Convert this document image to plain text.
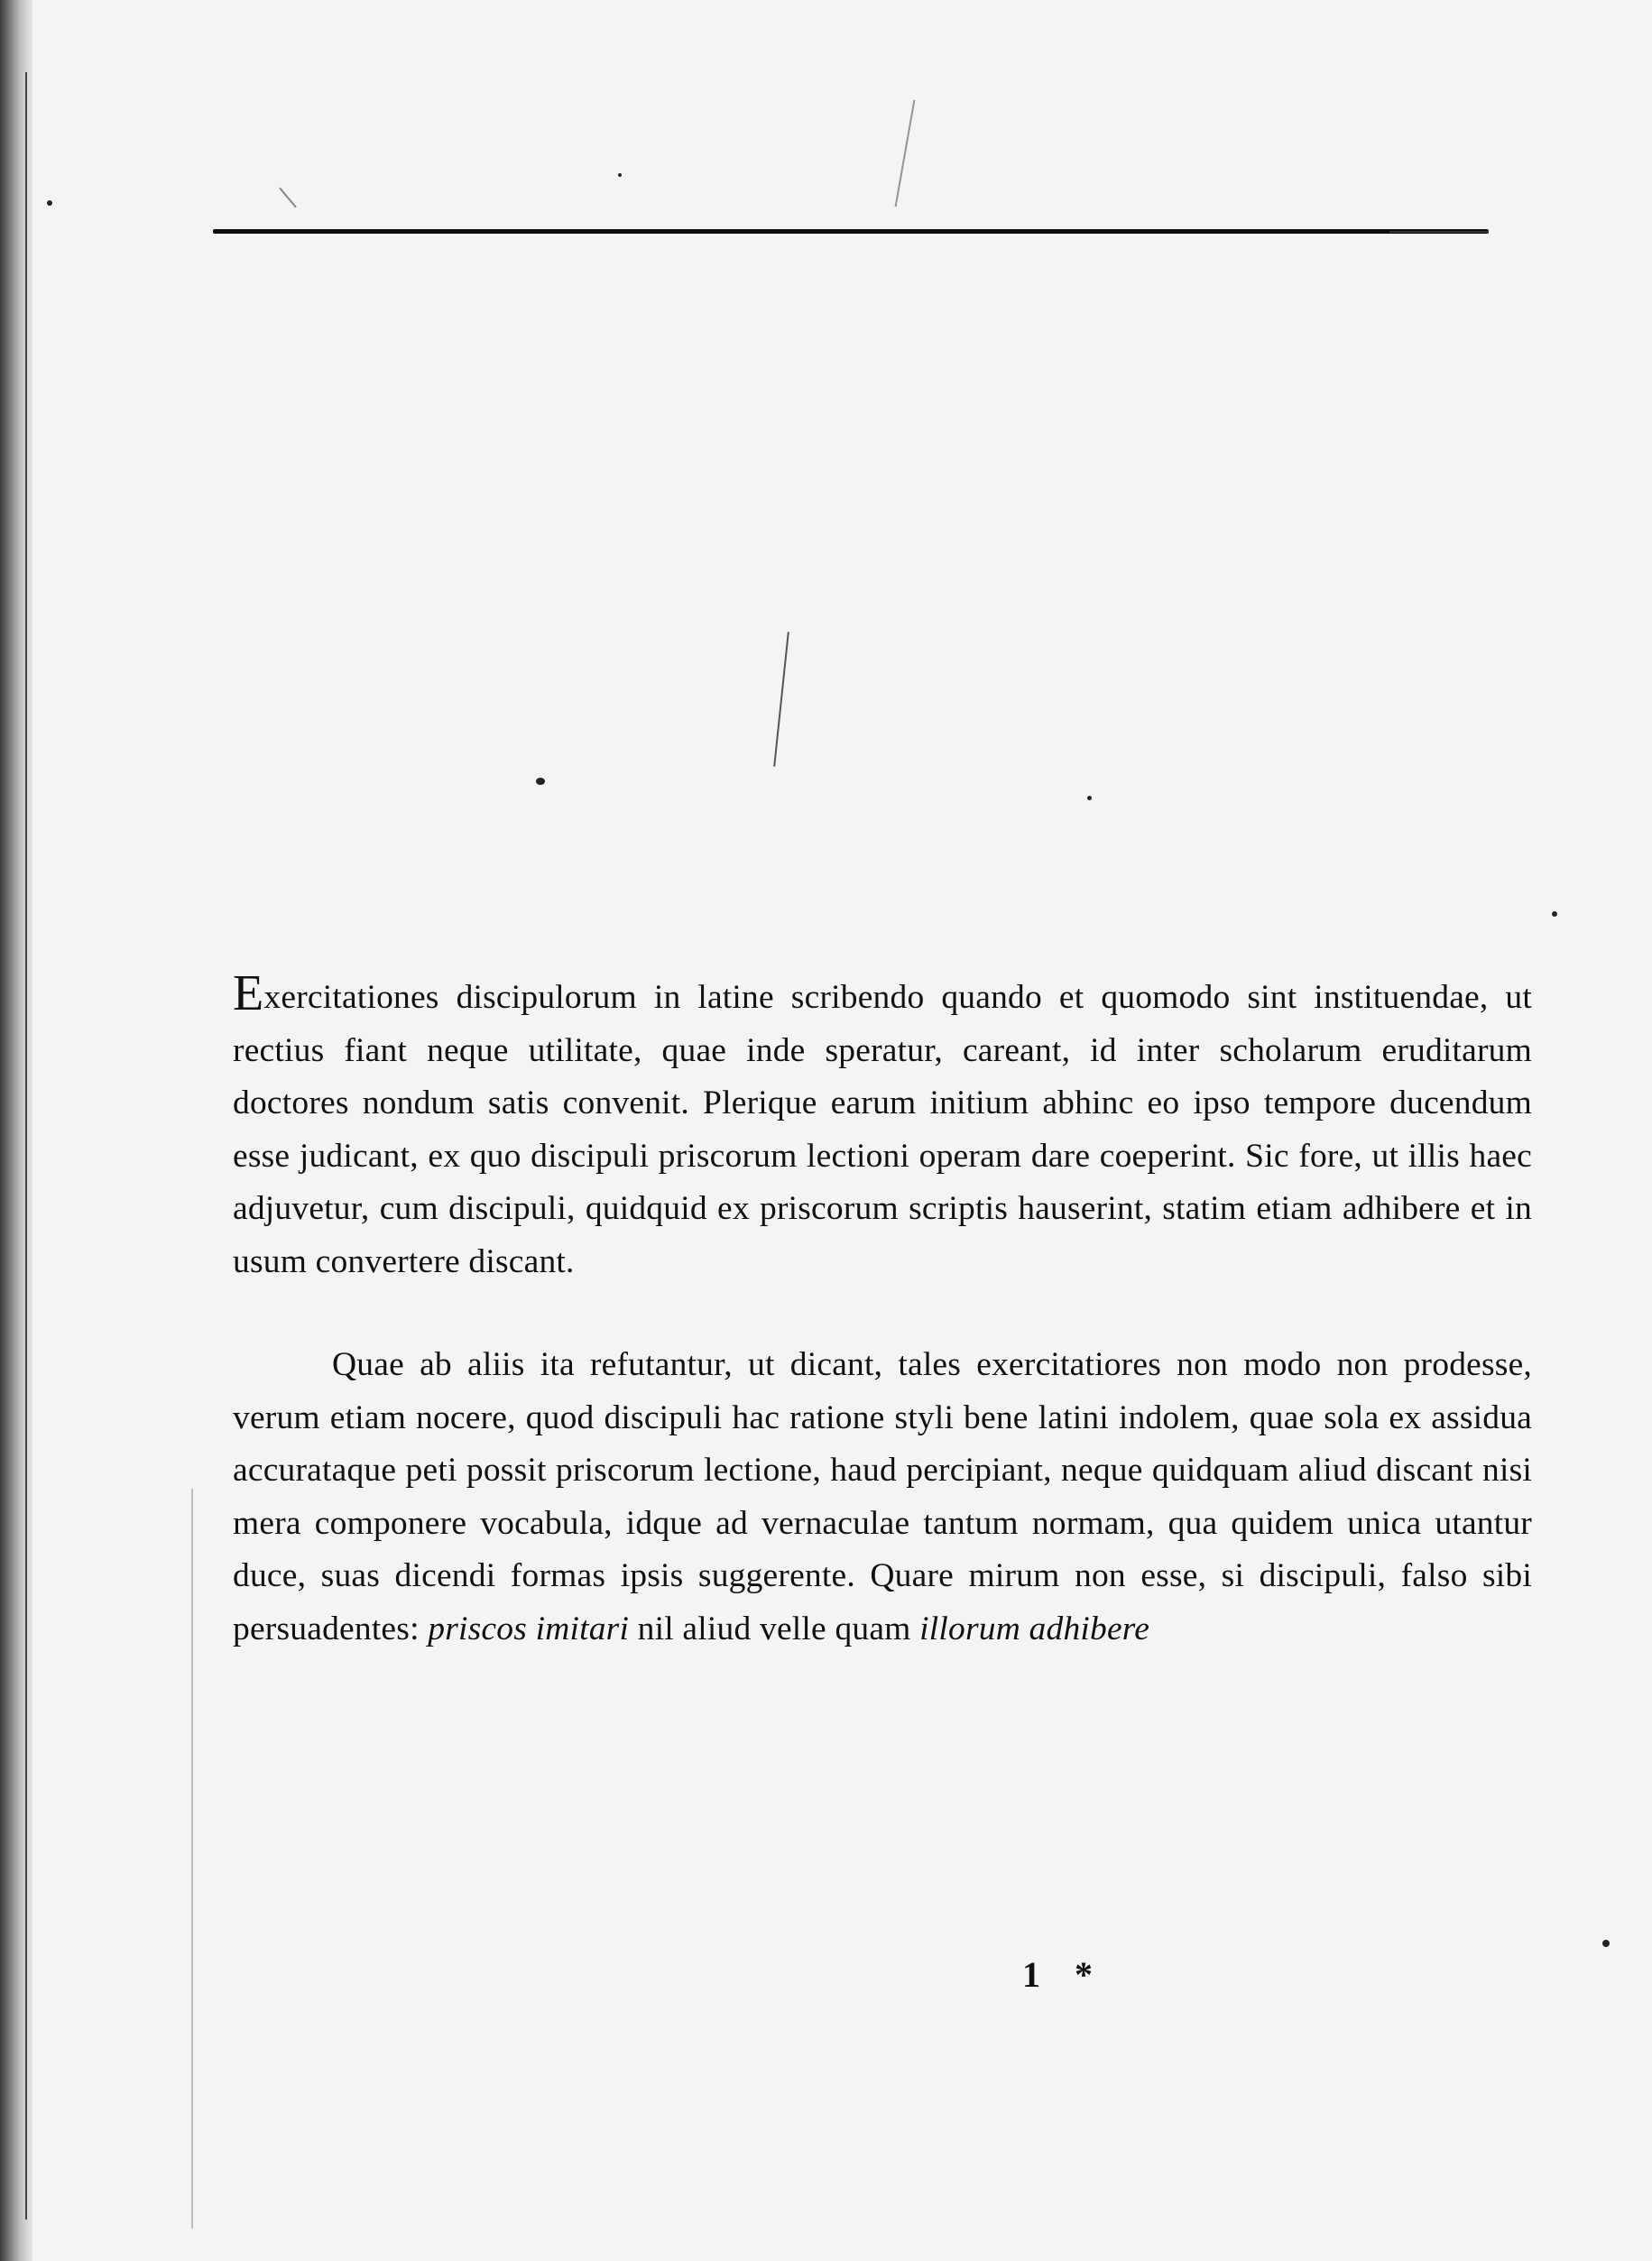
Exercitationes discipulorum in latine scribendo quando et quomodo sint instituendae, ut rectius fiant neque utilitate, quae inde speratur, careant, id inter scholarum eruditarum doctores nondum satis convenit. Plerique earum initium abhinc eo ipso tempore ducendum esse judicant, ex quo discipuli priscorum lectioni operam dare coeperint. Sic fore, ut illis haec adjuvetur, cum discipuli, quidquid ex priscorum scriptis hauserint, statim etiam adhibere et in usum convertere discant.

Quae ab aliis ita refutantur, ut dicant, tales exercitatiores non modo non prodesse, verum etiam nocere, quod discipuli hac ratione styli bene latini indolem, quae sola ex assidua accurataque peti possit priscorum lectione, haud percipiant, neque quidquam aliud discant nisi mera componere vocabula, idque ad vernaculae tantum normam, qua quidem unica utantur duce, suas dicendi formas ipsis suggerente. Quare mirum non esse, si discipuli, falso sibi persuadentes: priscos imitari nil aliud velle quam illorum adhibere

1 *
